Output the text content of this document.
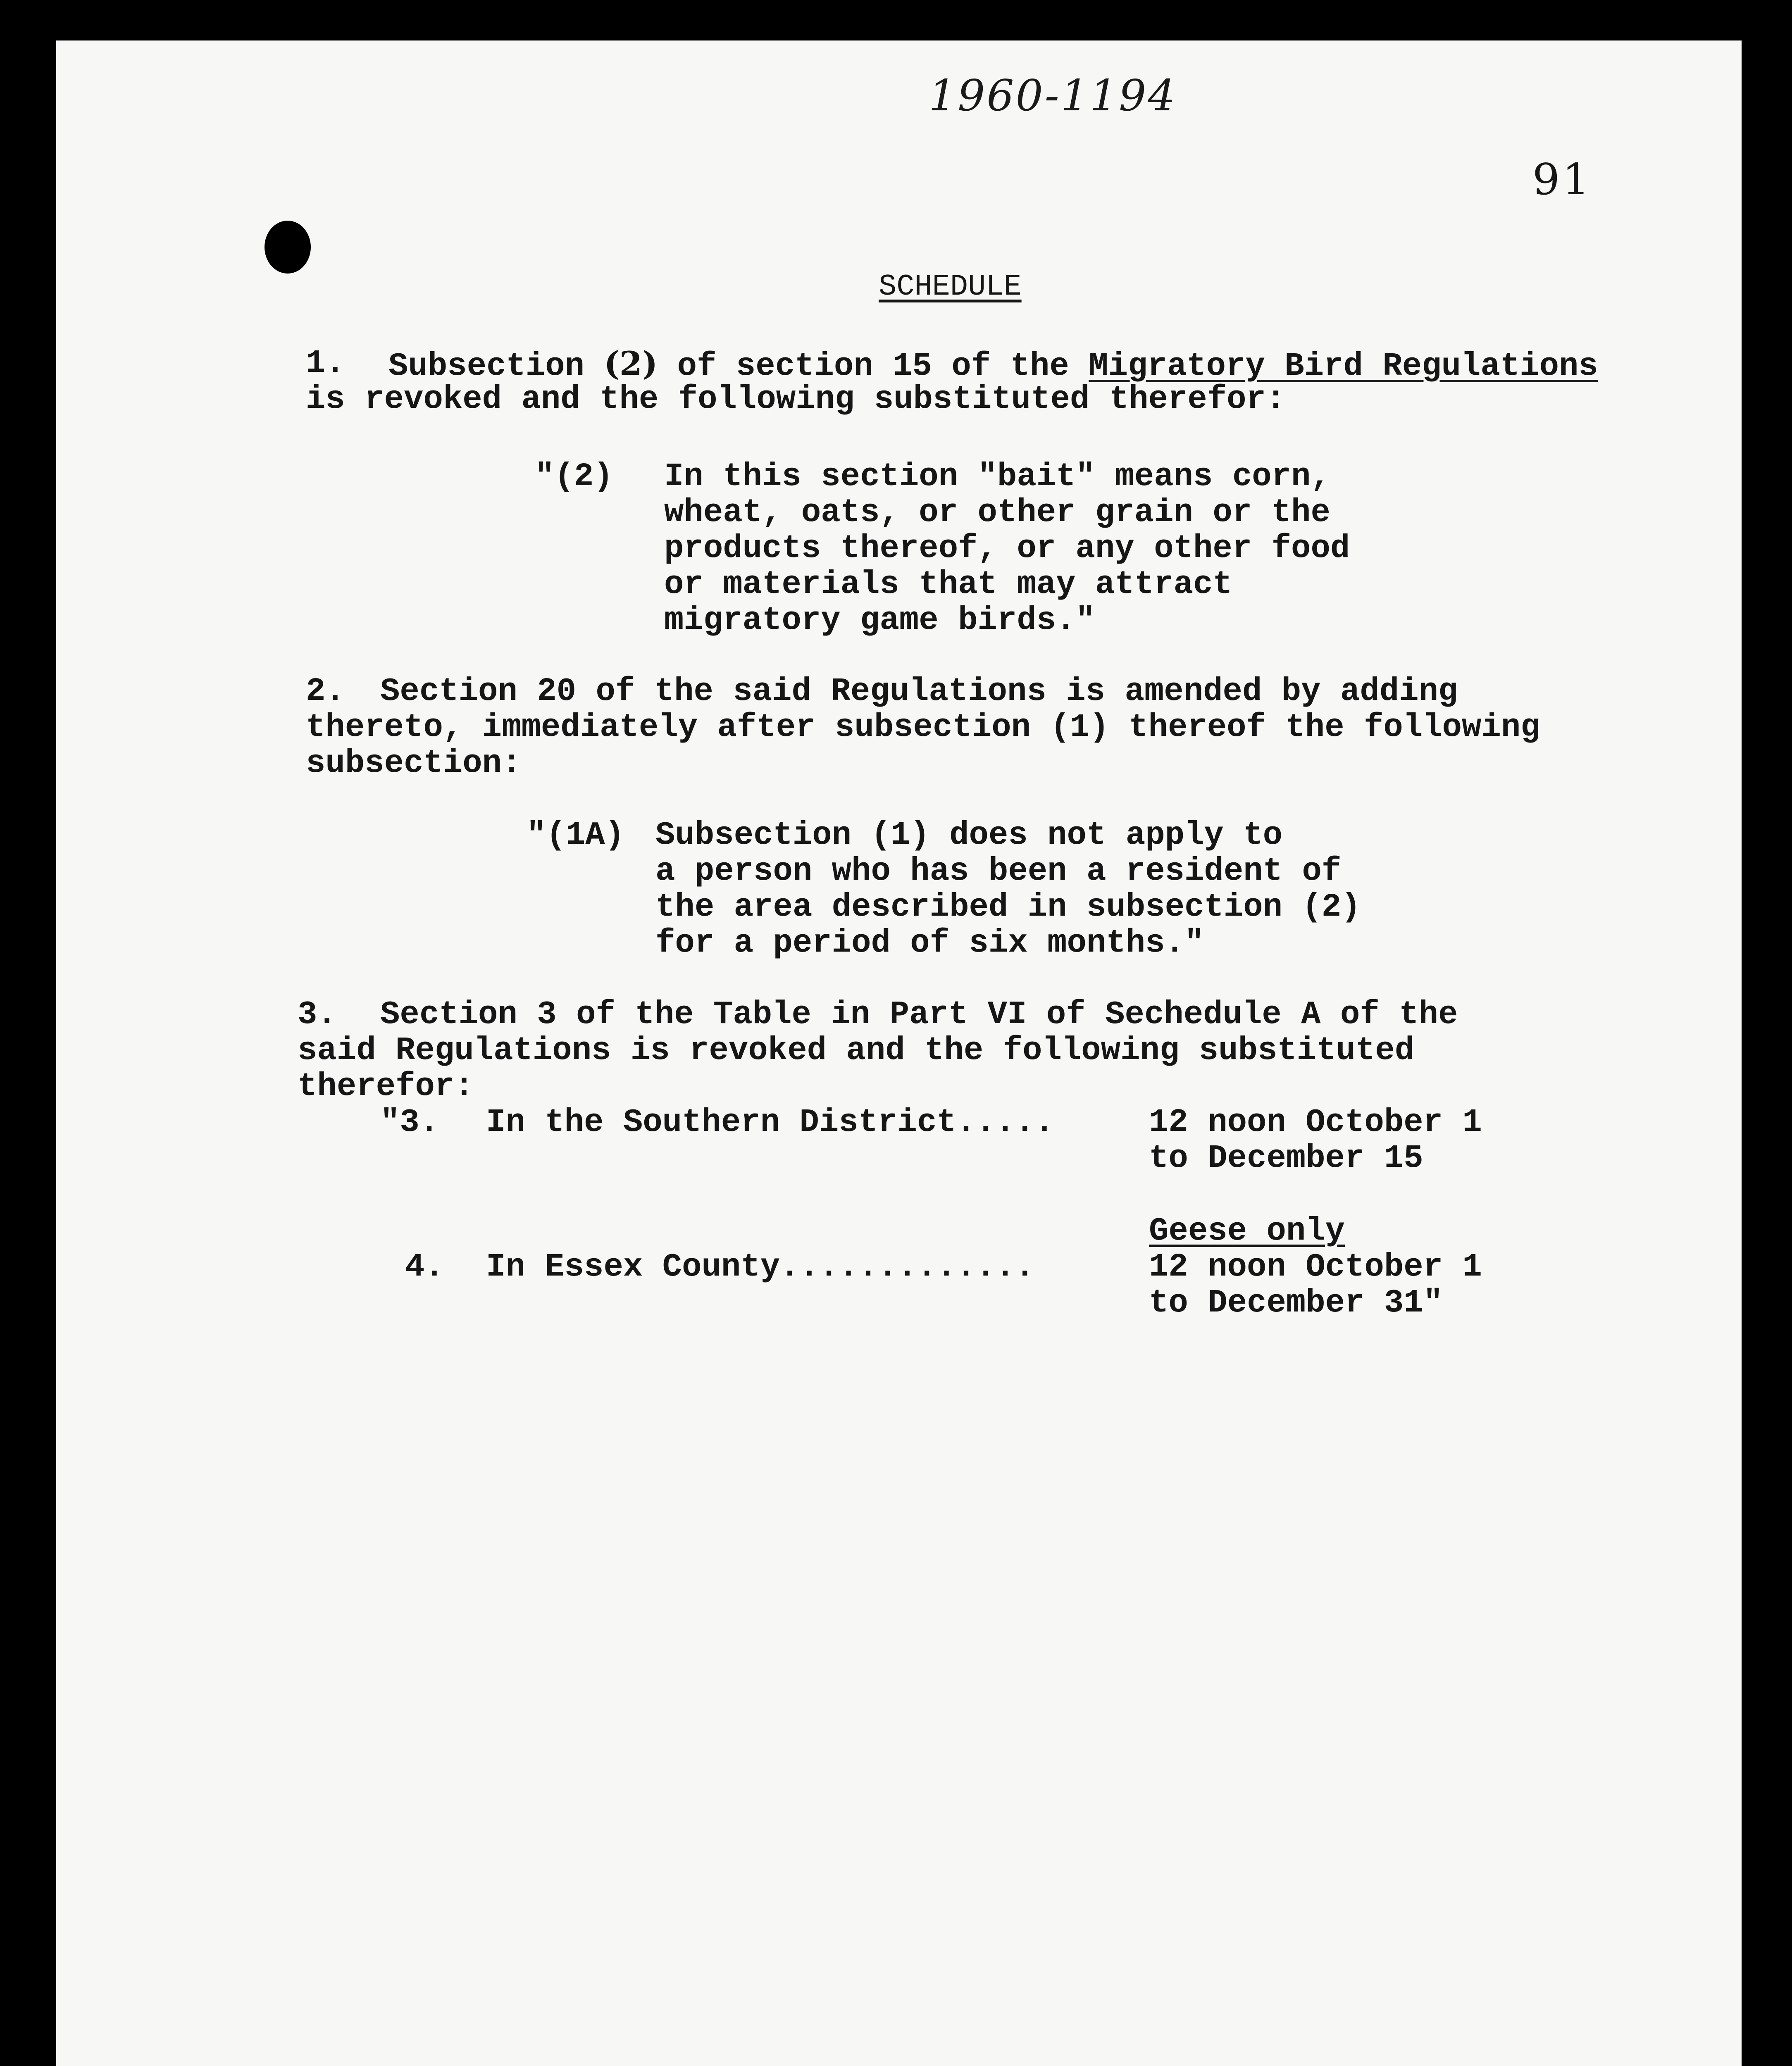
1960-1194
91
SCHEDULE
1. Subsection (2) of section 15 of the Migratory Bird Regulations
is revoked and the following substituted therefor:
"(2) In this section "bait" means corn,
wheat, oats, or other grain or the
products thereof, or any other food
or materials that may attract
migratory game birds."
2. Section 20 of the said Regulations is amended by adding
thereto, immediately after subsection (1) thereof the following
subsection:
"(1A) Subsection (1) does not apply to
a person who has been a resident of
the area described in subsection (2)
for a period of six months."
3. Section 3 of the Table in Part VI of Sechedule A of the
said Regulations is revoked and the following substituted
therefor:
"3. In the Southern District.....	12 noon October 1
to December 15
Geese only
4. In Essex County.............	12 noon October 1
to December 31"
